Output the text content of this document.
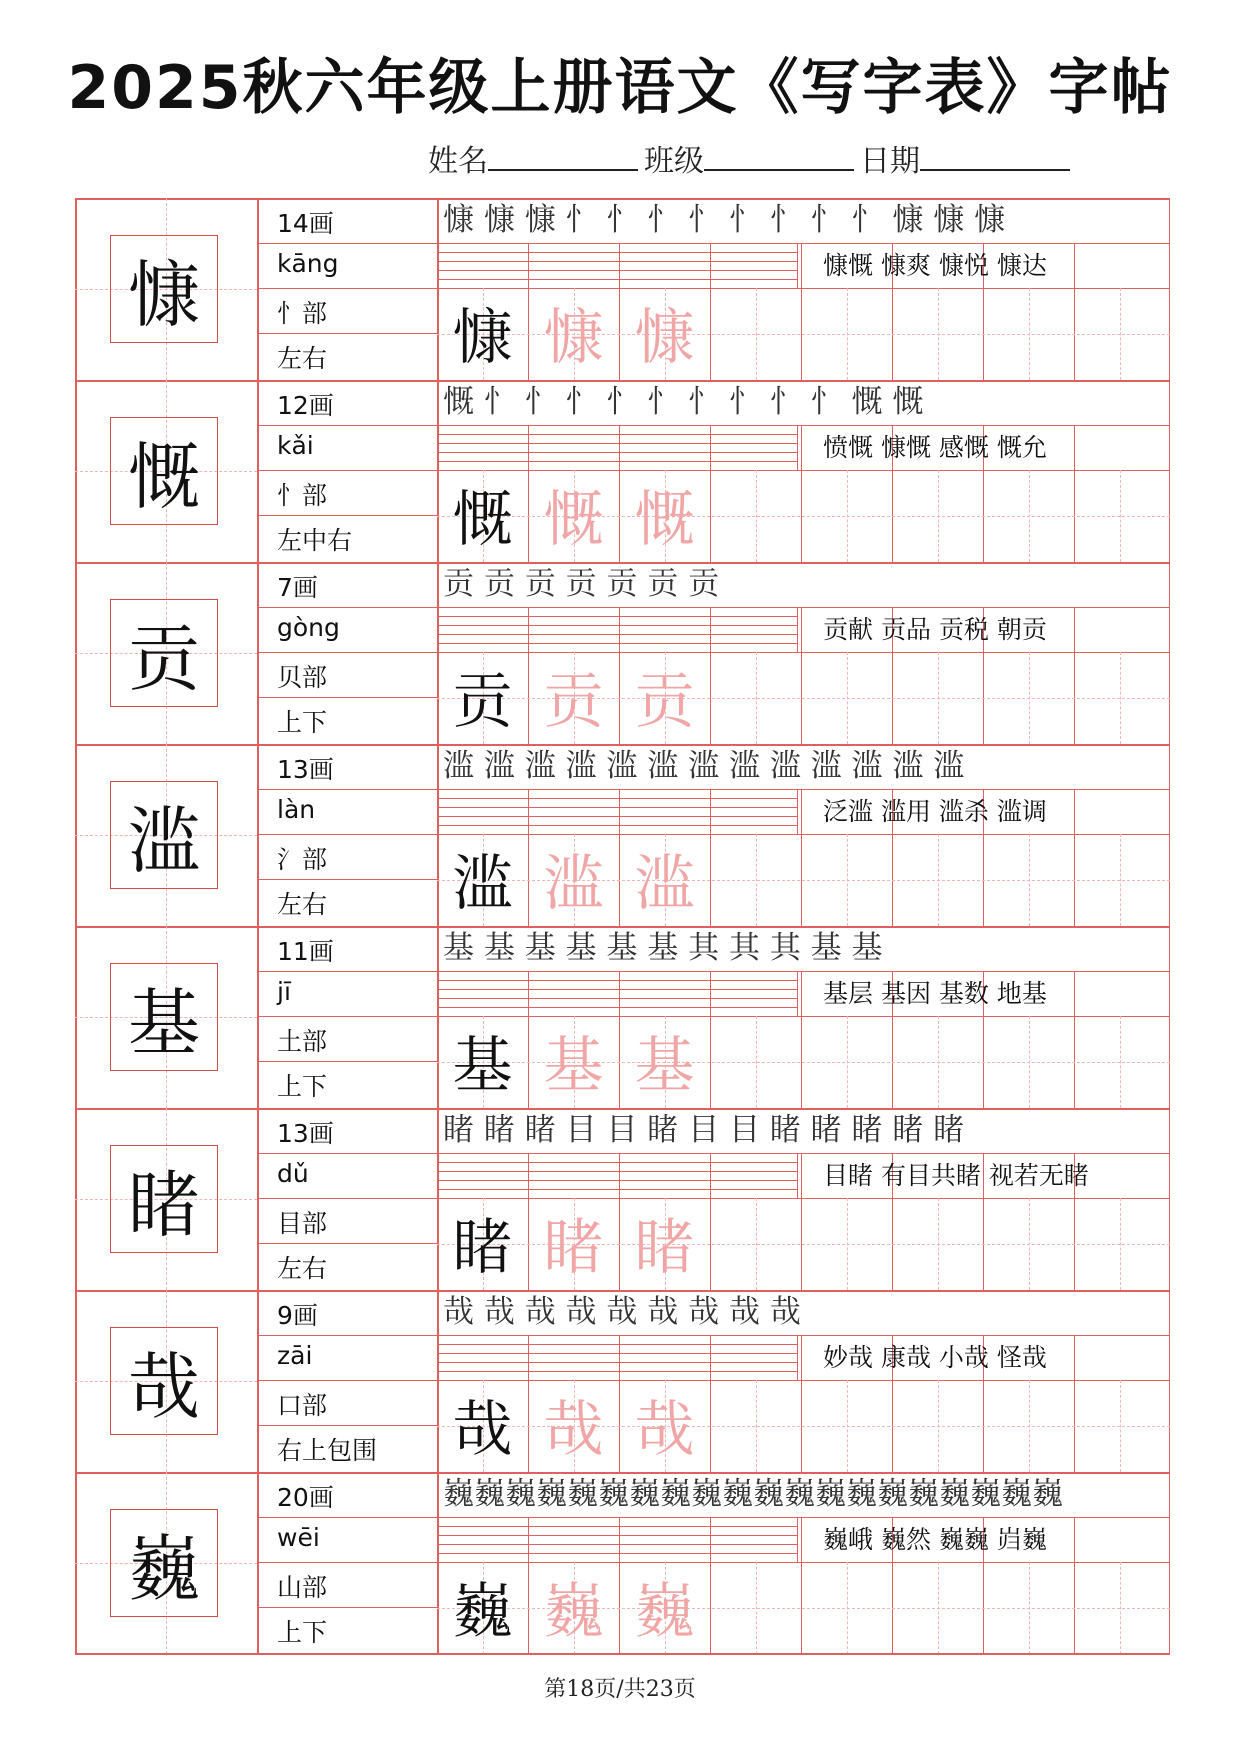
2025秋六年级上册语文《写字表》字帖
姓名	班级	日期
慷
14画
kāng
忄部
左右
慷 慷 慷 忄 忄 忄 忄 忄 忄 忄 忄 慷 慷 慷
慷慨 慷爽 慷悦 慷达
慷 慷 慷
慨
12画
kǎi
忄部
左中右
慨 忄 忄 忄 忄 忄 忄 忄 忄 忄 慨 慨
愤慨 慷慨 感慨 慨允
慨 慨 慨
贡
7画
gòng
贝部
上下
贡 贡 贡 贡 贡 贡 贡
贡献 贡品 贡税 朝贡
贡 贡 贡
滥
13画
làn
氵部
左右
滥 滥 滥 滥 滥 滥 滥 滥 滥 滥 滥 滥 滥
泛滥 滥用 滥杀 滥调
滥 滥 滥
基
11画
jī
土部
上下
基 基 基 基 基 基 其 其 其 基 基
基层 基因 基数 地基
基 基 基
睹
13画
dǔ
目部
左右
睹 睹 睹 目 目 睹 目 目 睹 睹 睹 睹 睹
目睹 有目共睹 视若无睹
睹 睹 睹
哉
9画
zāi
口部
右上包围
哉 哉 哉 哉 哉 哉 哉 哉 哉
妙哉 康哉 小哉 怪哉
哉 哉 哉
巍
20画
wēi
山部
上下
巍巍巍巍巍巍巍巍巍巍巍巍巍巍巍巍巍巍巍巍
巍峨 巍然 巍巍 岿巍
巍 巍 巍
第18页/共23页
